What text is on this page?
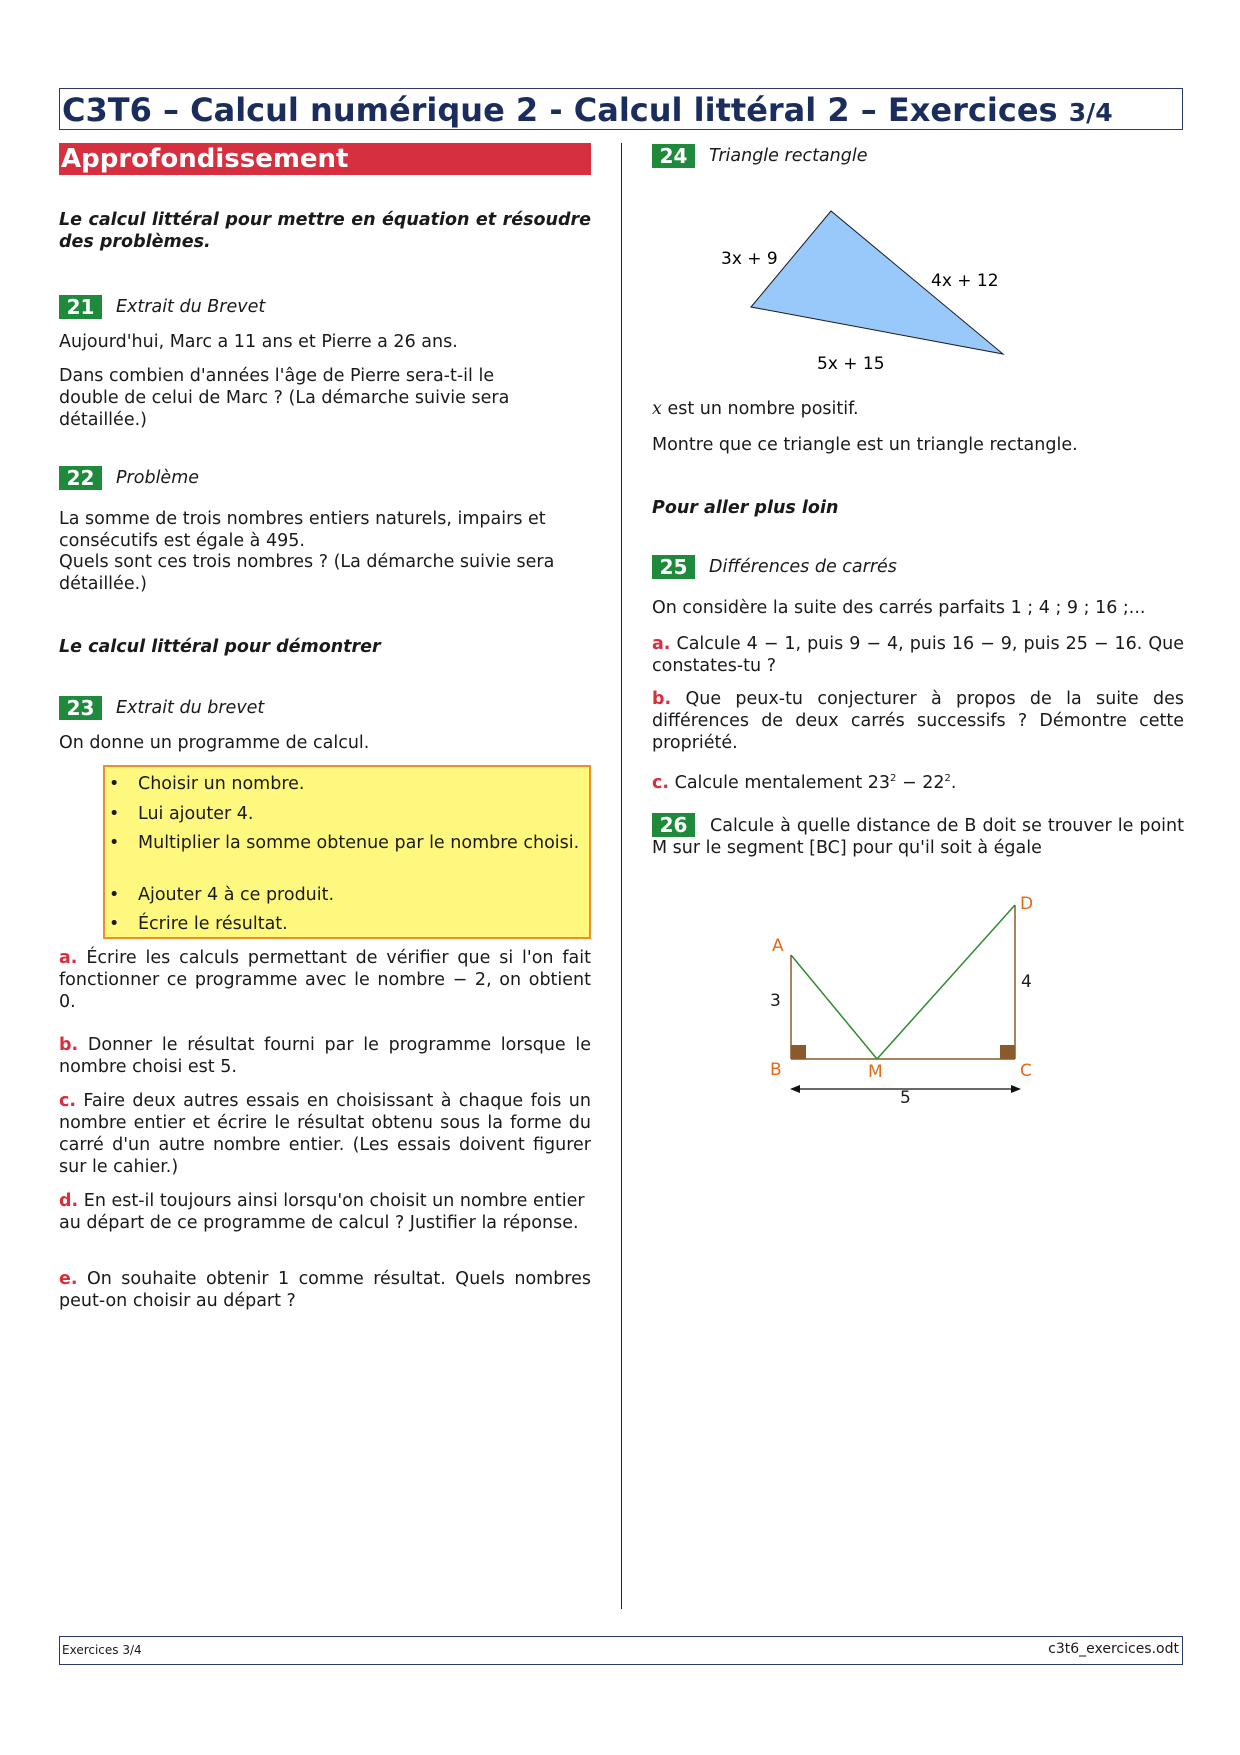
C3T6 – Calcul numérique 2 - Calcul littéral 2 – Exercices 3/4
Approfondissement
Le calcul littéral pour mettre en équation et résoudre des problèmes.
21 Extrait du Brevet
Aujourd'hui, Marc a 11 ans et Pierre a 26 ans.
Dans combien d'années l'âge de Pierre sera-t-il le double de celui de Marc ? (La démarche suivie sera détaillée.)
22 Problème
La somme de trois nombres entiers naturels, impairs et consécutifs est égale à 495.
Quels sont ces trois nombres ? (La démarche suivie sera détaillée.)
Le calcul littéral pour démontrer
23 Extrait du brevet
On donne un programme de calcul.
• Choisir un nombre.
• Lui ajouter 4.
• Multiplier la somme obtenue par le nombre choisi.
• Ajouter 4 à ce produit.
• Écrire le résultat.
a. Écrire les calculs permettant de vérifier que si l'on fait fonctionner ce programme avec le nombre − 2, on obtient 0.
b. Donner le résultat fourni par le programme lorsque le nombre choisi est 5.
c. Faire deux autres essais en choisissant à chaque fois un nombre entier et écrire le résultat obtenu sous la forme du carré d'un autre nombre entier. (Les essais doivent figurer sur le cahier.)
d. En est-il toujours ainsi lorsqu'on choisit un nombre entier au départ de ce programme de calcul ? Justifier la réponse.
e. On souhaite obtenir 1 comme résultat. Quels nombres peut-on choisir au départ ?
24 Triangle rectangle
3x + 9
4x + 12
5x + 15
x est un nombre positif.
Montre que ce triangle est un triangle rectangle.
Pour aller plus loin
25 Différences de carrés
On considère la suite des carrés parfaits 1 ; 4 ; 9 ; 16 ;...
a. Calcule 4 − 1, puis 9 − 4, puis 16 − 9, puis 25 − 16. Que constates-tu ?
b. Que peux-tu conjecturer à propos de la suite des différences de deux carrés successifs ? Démontre cette propriété.
c. Calcule mentalement $23^2 - 22^2$.
26	Calcule à quelle distance de B doit se trouver le point M sur le segment [BC] pour qu'il soit à égale
A
B	C
D
M
3
4
5
Exercices 3/4	c3t6_exercices.odt
